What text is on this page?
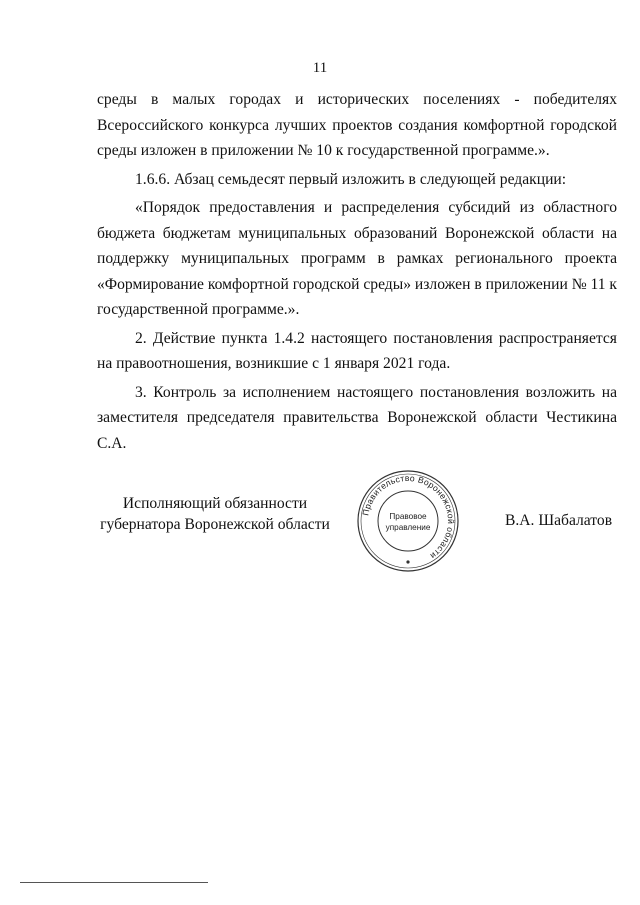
11

среды в малых городах и исторических поселениях - победителях Всероссийского конкурса лучших проектов создания комфортной городской среды изложен в приложении № 10 к государственной программе.».

1.6.6. Абзац семьдесят первый изложить в следующей редакции:

«Порядок предоставления и распределения субсидий из областного бюджета бюджетам муниципальных образований Воронежской области на поддержку муниципальных программ в рамках регионального проекта «Формирование комфортной городской среды» изложен в приложении № 11 к государственной программе.».

2. Действие пункта 1.4.2 настоящего постановления распространяется на правоотношения, возникшие с 1 января 2021 года.

3. Контроль за исполнением настоящего постановления возложить на заместителя председателя правительства Воронежской области Честикина С.А.

Исполняющий обязанности
губернатора Воронежской области
Правительство Воронежской области
Правовое
управление	В.А. Шабалатов
